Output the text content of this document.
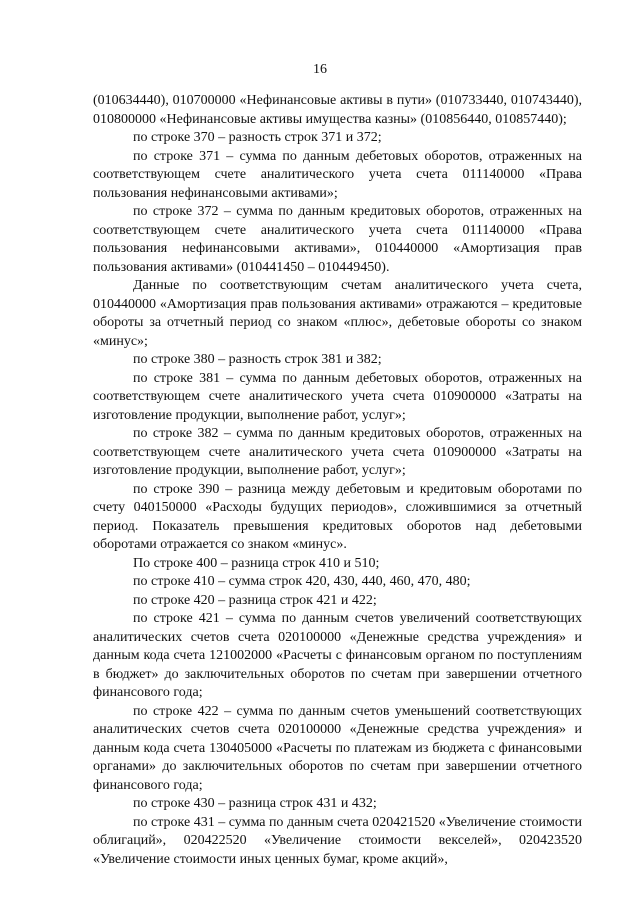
16

(010634440), 010700000 «Нефинансовые активы в пути» (010733440, 010743440), 010800000 «Нефинансовые активы имущества казны» (010856440, 010857440);

по строке 370 – разность строк 371 и 372;

по строке 371 – сумма по данным дебетовых оборотов, отраженных на соответствующем счете аналитического учета счета 011140000 «Права пользования нефинансовыми активами»;

по строке 372 – сумма по данным кредитовых оборотов, отраженных на соответствующем счете аналитического учета счета 011140000 «Права пользования нефинансовыми активами», 010440000 «Амортизация прав пользования активами» (010441450 – 010449450).

Данные по соответствующим счетам аналитического учета счета, 010440000 «Амортизация прав пользования активами» отражаются – кредитовые обороты за отчетный период со знаком «плюс», дебетовые обороты со знаком «минус»;

по строке 380 – разность строк 381 и 382;

по строке 381 – сумма по данным дебетовых оборотов, отраженных на соответствующем счете аналитического учета счета 010900000 «Затраты на изготовление продукции, выполнение работ, услуг»;

по строке 382 – сумма по данным кредитовых оборотов, отраженных на соответствующем счете аналитического учета счета 010900000 «Затраты на изготовление продукции, выполнение работ, услуг»;

по строке 390 – разница между дебетовым и кредитовым оборотами по счету 040150000 «Расходы будущих периодов», сложившимися за отчетный период. Показатель превышения кредитовых оборотов над дебетовыми оборотами отражается со знаком «минус».

По строке 400 – разница строк 410 и 510;

по строке 410 – сумма строк 420, 430, 440, 460, 470, 480;

по строке 420 – разница строк 421 и 422;

по строке 421 – сумма по данным счетов увеличений соответствующих аналитических счетов счета 020100000 «Денежные средства учреждения» и данным кода счета 121002000 «Расчеты с финансовым органом по поступлениям в бюджет» до заключительных оборотов по счетам при завершении отчетного финансового года;

по строке 422 – сумма по данным счетов уменьшений соответствующих аналитических счетов счета 020100000 «Денежные средства учреждения» и данным кода счета 130405000 «Расчеты по платежам из бюджета с финансовыми органами» до заключительных оборотов по счетам при завершении отчетного финансового года;

по строке 430 – разница строк 431 и 432;

по строке 431 – сумма по данным счета 020421520 «Увеличение стоимости облигаций», 020422520 «Увеличение стоимости векселей», 020423520 «Увеличение стоимости иных ценных бумаг, кроме акций»,
